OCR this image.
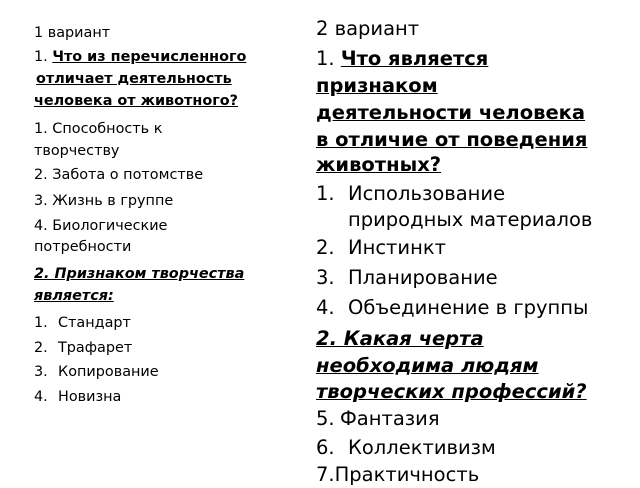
1 вариант
1. Что из перечисленного
отличает деятельность
человека от животного?
1. Способность к
творчеству
2. Забота о потомстве
3. Жизнь в группе
4. Биологические
потребности
2. Признаком творчества
является:
1. Стандарт
2. Трафарет
3. Копирование
4. Новизна
2 вариант
1. Что является
признаком
деятельности человека
в отличие от поведения
животных?
1. Использование
природных материалов
2. Инстинкт
3. Планирование
4. Объединение в группы
2. Какая черта
необходима людям
творческих профессий?
5. Фантазия
6. Коллективизм
7.Практичность
